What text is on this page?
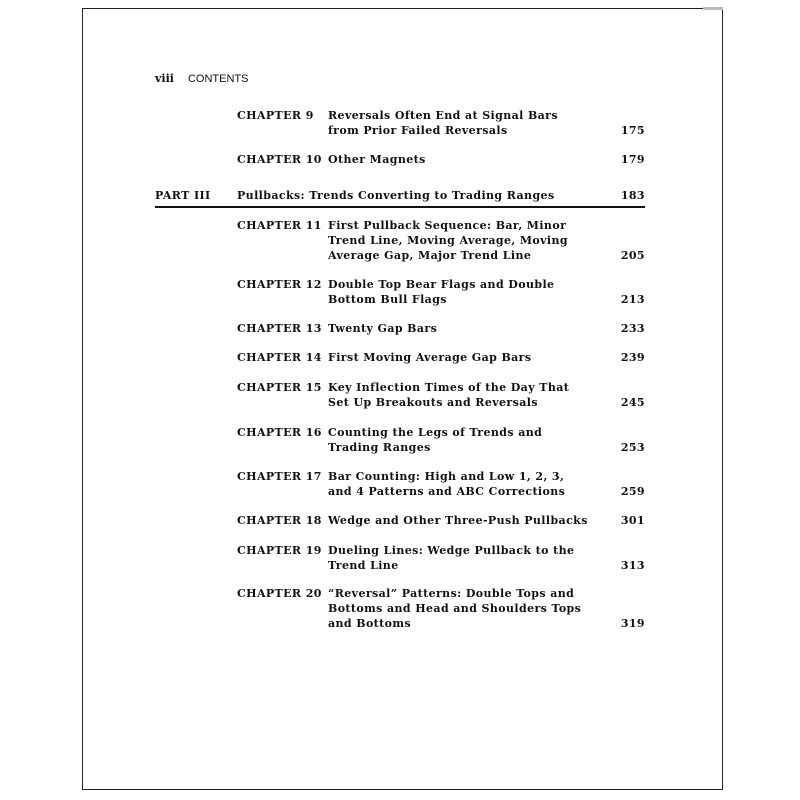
viii CONTENTS
CHAPTER 9 Reversals Often End at Signal Bars
from Prior Failed Reversals	175
CHAPTER 10 Other Magnets	179
PART III Pullbacks: Trends Converting to Trading Ranges	183
CHAPTER 11 First Pullback Sequence: Bar, Minor
Trend Line, Moving Average, Moving
Average Gap, Major Trend Line	205
CHAPTER 12 Double Top Bear Flags and Double
Bottom Bull Flags	213
CHAPTER 13 Twenty Gap Bars	233
CHAPTER 14 First Moving Average Gap Bars	239
CHAPTER 15 Key Inflection Times of the Day That
Set Up Breakouts and Reversals	245
CHAPTER 16 Counting the Legs of Trends and
Trading Ranges	253
CHAPTER 17 Bar Counting: High and Low 1, 2, 3,
and 4 Patterns and ABC Corrections	259
CHAPTER 18 Wedge and Other Three-Push Pullbacks	301
CHAPTER 19 Dueling Lines: Wedge Pullback to the
Trend Line	313
CHAPTER 20 “Reversal” Patterns: Double Tops and
Bottoms and Head and Shoulders Tops
and Bottoms	319
